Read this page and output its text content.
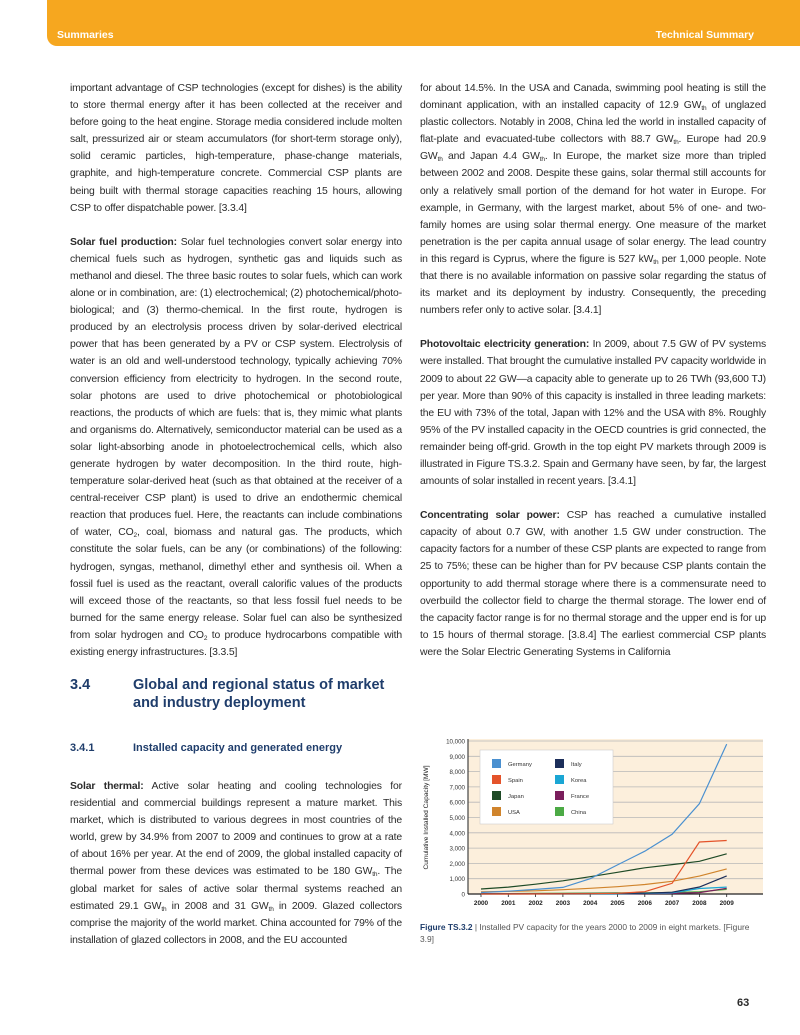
Summaries	Technical Summary

important advantage of CSP technologies (except for dishes) is the ability to store thermal energy after it has been collected at the receiver and before going to the heat engine. Storage media considered include molten salt, pressurized air or steam accumulators (for short-term storage only), solid ceramic particles, high-temperature, phase-change materials, graphite, and high-temperature concrete. Commercial CSP plants are being built with thermal storage capacities reaching 15 hours, allowing CSP to offer dispatchable power. [3.3.4]

Solar fuel production: Solar fuel technologies convert solar energy into chemical fuels such as hydrogen, synthetic gas and liquids such as methanol and diesel. The three basic routes to solar fuels, which can work alone or in combination, are: (1) electrochemical; (2) photochemical/photo-biological; and (3) thermo-chemical. In the first route, hydrogen is produced by an electrolysis process driven by solar-derived electrical power that has been generated by a PV or CSP system. Electrolysis of water is an old and well-understood technology, typically achieving 70% conversion efficiency from electricity to hydrogen. In the second route, solar photons are used to drive photochemical or photobiological reactions, the products of which are fuels: that is, they mimic what plants and organisms do. Alternatively, semiconductor material can be used as a solar light-absorbing anode in photoelectrochemical cells, which also generate hydrogen by water decomposition. In the third route, high-temperature solar-derived heat (such as that obtained at the receiver of a central-receiver CSP plant) is used to drive an endothermic chemical reaction that produces fuel. Here, the reactants can include combinations of water, $CO_2$, coal, biomass and natural gas. The products, which constitute the solar fuels, can be any (or combinations) of the following: hydrogen, syngas, methanol, dimethyl ether and synthesis oil. When a fossil fuel is used as the reactant, overall calorific values of the products will exceed those of the reactants, so that less fossil fuel needs to be burned for the same energy release. Solar fuel can also be synthesized from solar hydrogen and $CO_2$ to produce hydrocarbons compatible with existing energy infrastructures. [3.3.5]

3.4	Global and regional status of market and industry deployment
3.4.1	Installed capacity and generated energy

Solar thermal: Active solar heating and cooling technologies for residential and commercial buildings represent a mature market. This market, which is distributed to various degrees in most countries of the world, grew by 34.9% from 2007 to 2009 and continues to grow at a rate of about 16% per year. At the end of 2009, the global installed capacity of thermal power from these devices was estimated to be 180 $GW_{th}$. The global market for sales of active solar thermal systems reached an estimated 29.1 $GW_{th}$ in 2008 and 31 $GW_{th}$ in 2009. Glazed collectors comprise the majority of the world market. China accounted for 79% of the installation of glazed collectors in 2008, and the EU accounted

for about 14.5%. In the USA and Canada, swimming pool heating is still the dominant application, with an installed capacity of 12.9 $GW_{th}$ of unglazed plastic collectors. Notably in 2008, China led the world in installed capacity of flat-plate and evacuated-tube collectors with 88.7 $GW_{th}$. Europe had 20.9 $GW_{th}$ and Japan 4.4 $GW_{th}$. In Europe, the market size more than tripled between 2002 and 2008. Despite these gains, solar thermal still accounts for only a relatively small portion of the demand for hot water in Europe. For example, in Germany, with the largest market, about 5% of one- and two-family homes are using solar thermal energy. One measure of the market penetration is the per capita annual usage of solar energy. The lead country in this regard is Cyprus, where the figure is 527 $kW_{th}$ per 1,000 people. Note that there is no available information on passive solar regarding the status of its market and its deployment by industry. Consequently, the preceding numbers refer only to active solar. [3.4.1]

Photovoltaic electricity generation: In 2009, about 7.5 GW of PV systems were installed. That brought the cumulative installed PV capacity worldwide in 2009 to about 22 GW—a capacity able to generate up to 26 TWh (93,600 TJ) per year. More than 90% of this capacity is installed in three leading markets: the EU with 73% of the total, Japan with 12% and the USA with 8%. Roughly 95% of the PV installed capacity in the OECD countries is grid connected, the remainder being off-grid. Growth in the top eight PV markets through 2009 is illustrated in Figure TS.3.2. Spain and Germany have seen, by far, the largest amounts of solar installed in recent years. [3.4.1]

Concentrating solar power: CSP has reached a cumulative installed capacity of about 0.7 GW, with another 1.5 GW under construction. The capacity factors for a number of these CSP plants are expected to range from 25 to 75%; these can be higher than for PV because CSP plants contain the opportunity to add thermal storage where there is a commensurate need to overbuild the collector field to charge the thermal storage. The lower end of the capacity factor range is for no thermal storage and the upper end is for up to 15 hours of thermal storage. [3.8.4] The earliest commercial CSP plants were the Solar Electric Generating Systems in California

0
1,000
2,000
3,000
4,000
5,000
6,000
7,000
8,000
9,000
10,000
2000 2001 2002 2003 2004 2005 2006 2007 2008 2009
Cumulative Installed Capacity [MW]
Germany
Spain
Japan
USA
Italy
Korea
France
China
Figure TS.3.2 | Installed PV capacity for the years 2000 to 2009 in eight markets. [Figure 3.9]
63
